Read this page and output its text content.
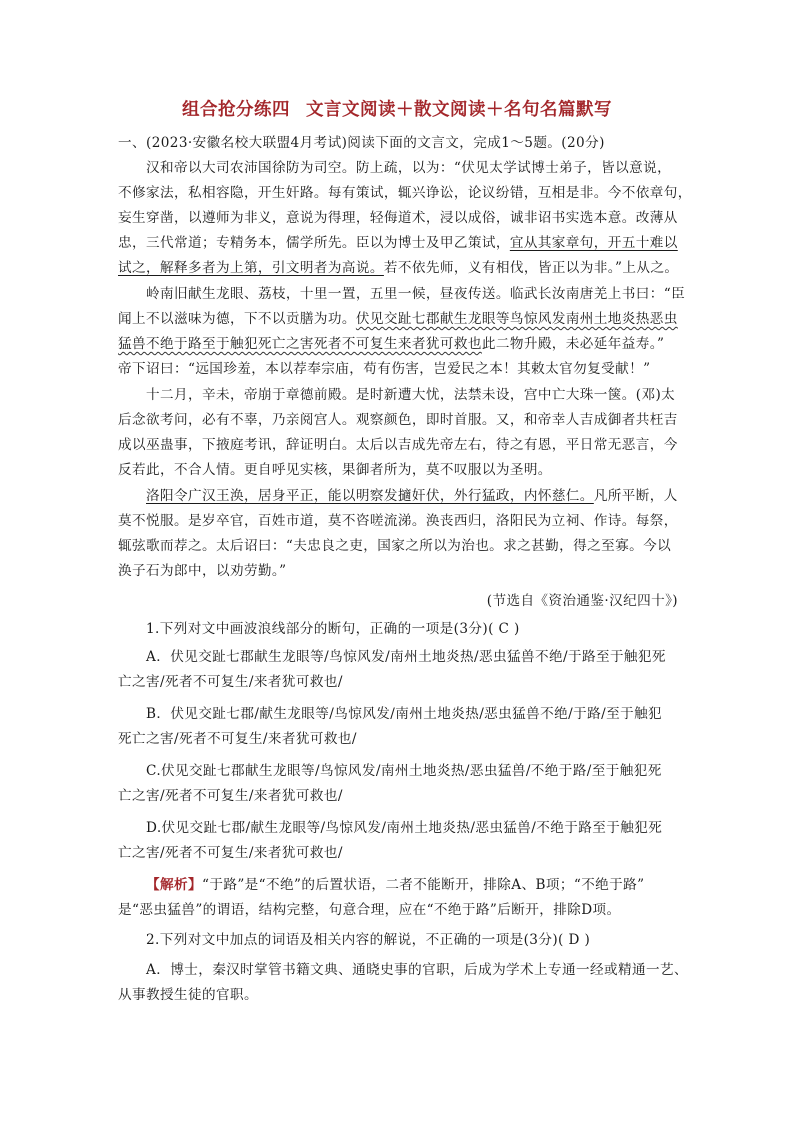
组合抢分练四 文言文阅读＋散文阅读＋名句名篇默写
一、(2023·安徽名校大联盟4月考试)阅读下面的文言文，完成1～5题。(20分)
汉和帝以大司农沛国徐防为司空。防上疏，以为：“伏见太学试博士弟子，皆以意说，
不修家法，私相容隐，开生奸路。每有策试，辄兴诤讼，论议纷错，互相是非。今不依章句，
妄生穿凿，以遵师为非义，意说为得理，轻侮道术，浸以成俗，诚非诏书实选本意。改薄从
忠，三代常道；专精务本，儒学所先。臣以为博士及甲乙策试，宜从其家章句，开五十难以
试之，解释多者为上第，引文明者为高说。若不依先师，义有相伐，皆正以为非。”上从之。
岭南旧献生龙眼、荔枝，十里一置，五里一候，昼夜传送。临武长汝南唐羌上书曰：“臣
闻上不以滋味为德，下不以贡膳为功。伏见交趾七郡献生龙眼等鸟惊风发南州土地炎热恶虫
猛兽不绝于路至于触犯死亡之害死者不可复生来者犹可救也此二物升殿，未必延年益寿。”
帝下诏曰：“远国珍羞，本以荐奉宗庙，苟有伤害，岂爱民之本！其敕太官勿复受献！”
十二月，辛未，帝崩于章德前殿。是时新遭大忧，法禁未设，宫中亡大珠一箧。(邓)太
后念欲考问，必有不辜，乃亲阅宫人。观察颜色，即时首服。又，和帝幸人吉成御者共枉吉
成以巫蛊事，下掖庭考讯，辞证明白。太后以吉成先帝左右，待之有恩，平日常无恶言，今
反若此，不合人情。更自呼见实核，果御者所为，莫不叹服以为圣明。
洛阳令广汉王涣，居身平正，能以明察发擿奸伏，外行猛政，内怀慈仁。凡所平断，人
莫不悦服。是岁卒官，百姓市道，莫不咨嗟流涕。涣丧西归，洛阳民为立祠、作诗。每祭，
辄弦歌而荐之。太后诏曰：“夫忠良之吏，国家之所以为治也。求之甚勤，得之至寡。今以
涣子石为郎中，以劝劳勤。”
(节选自《资治通鉴·汉纪四十》)
1.下列对文中画波浪线部分的断句，正确的一项是(3分)( C )
A．伏见交趾七郡献生龙眼等/鸟惊风发/南州土地炎热/恶虫猛兽不绝/于路至于触犯死
亡之害/死者不可复生/来者犹可救也/
B．伏见交趾七郡/献生龙眼等/鸟惊风发/南州土地炎热/恶虫猛兽不绝/于路/至于触犯
死亡之害/死者不可复生/来者犹可救也/
C.伏见交趾七郡献生龙眼等/鸟惊风发/南州土地炎热/恶虫猛兽/不绝于路/至于触犯死
亡之害/死者不可复生/来者犹可救也/
D.伏见交趾七郡/献生龙眼等/鸟惊风发/南州土地炎热/恶虫猛兽/不绝于路至于触犯死
亡之害/死者不可复生/来者犹可救也/
【解析】“于路”是“不绝”的后置状语，二者不能断开，排除A、B项；“不绝于路”
是“恶虫猛兽”的谓语，结构完整，句意合理，应在“不绝于路”后断开，排除D项。
2.下列对文中加点的词语及相关内容的解说，不正确的一项是(3分)( D )
A．博士，秦汉时掌管书籍文典、通晓史事的官职，后成为学术上专通一经或精通一艺、
从事教授生徒的官职。
